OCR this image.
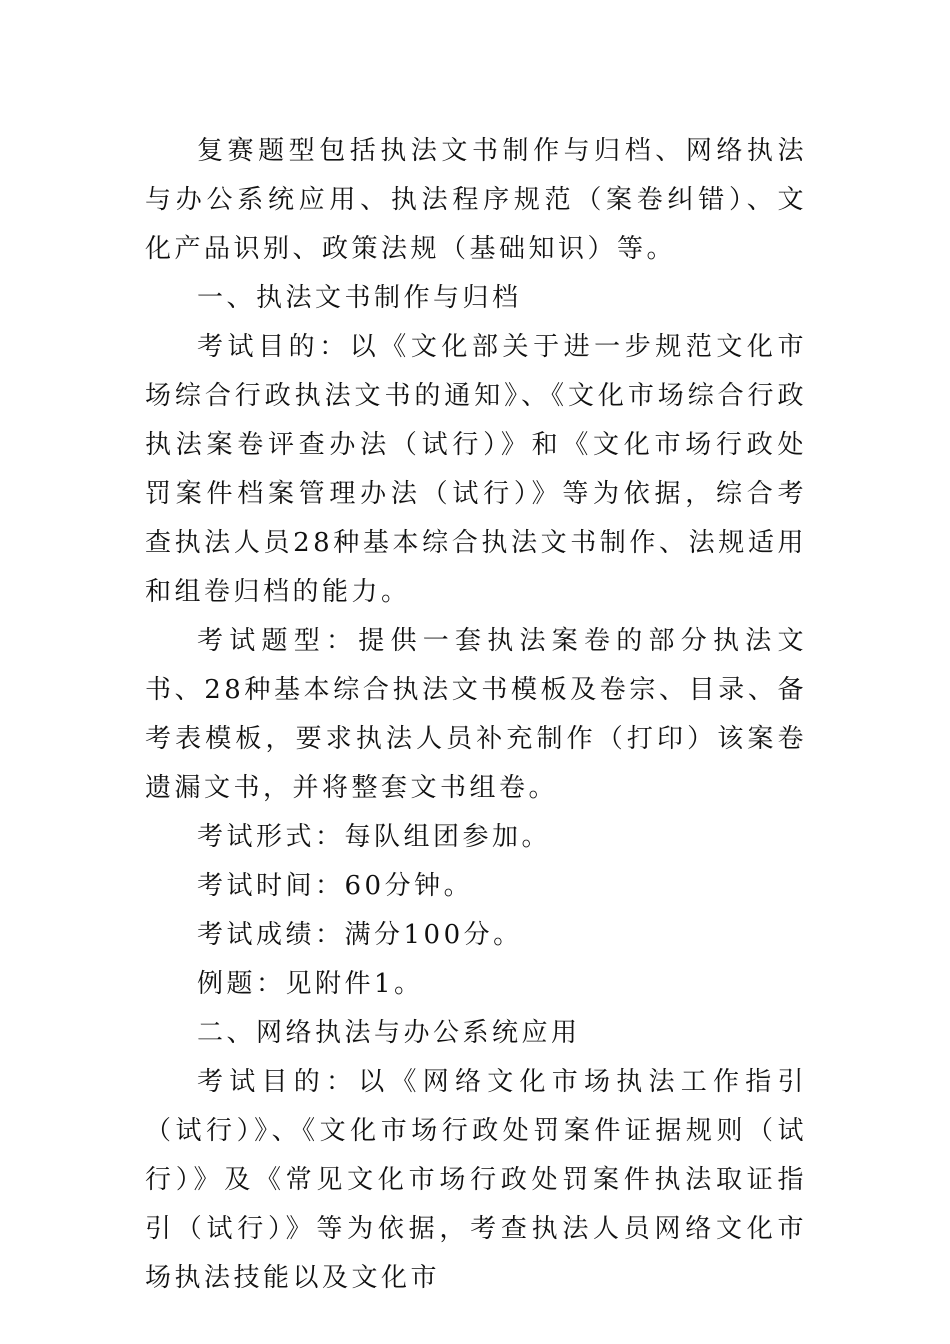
复赛题型包括执法文书制作与归档、网络执法与办公系统应用、执法程序规范（案卷纠错）、文化产品识别、政策法规（基础知识）等。

一、执法文书制作与归档

考试目的：以《文化部关于进一步规范文化市场综合行政执法文书的通知》、《文化市场综合行政执法案卷评查办法（试行）》和《文化市场行政处罚案件档案管理办法（试行）》等为依据，综合考查执法人员28种基本综合执法文书制作、法规适用和组卷归档的能力。

考试题型：提供一套执法案卷的部分执法文书、28种基本综合执法文书模板及卷宗、目录、备考表模板，要求执法人员补充制作（打印）该案卷遗漏文书，并将整套文书组卷。

考试形式：每队组团参加。

考试时间：60分钟。

考试成绩：满分100分。

例题：见附件1。

二、网络执法与办公系统应用

考试目的：以《网络文化市场执法工作指引（试行）》、《文化市场行政处罚案件证据规则（试行）》及《常见文化市场行政处罚案件执法取证指引（试行）》等为依据，考查执法人员网络文化市场执法技能以及文化市
